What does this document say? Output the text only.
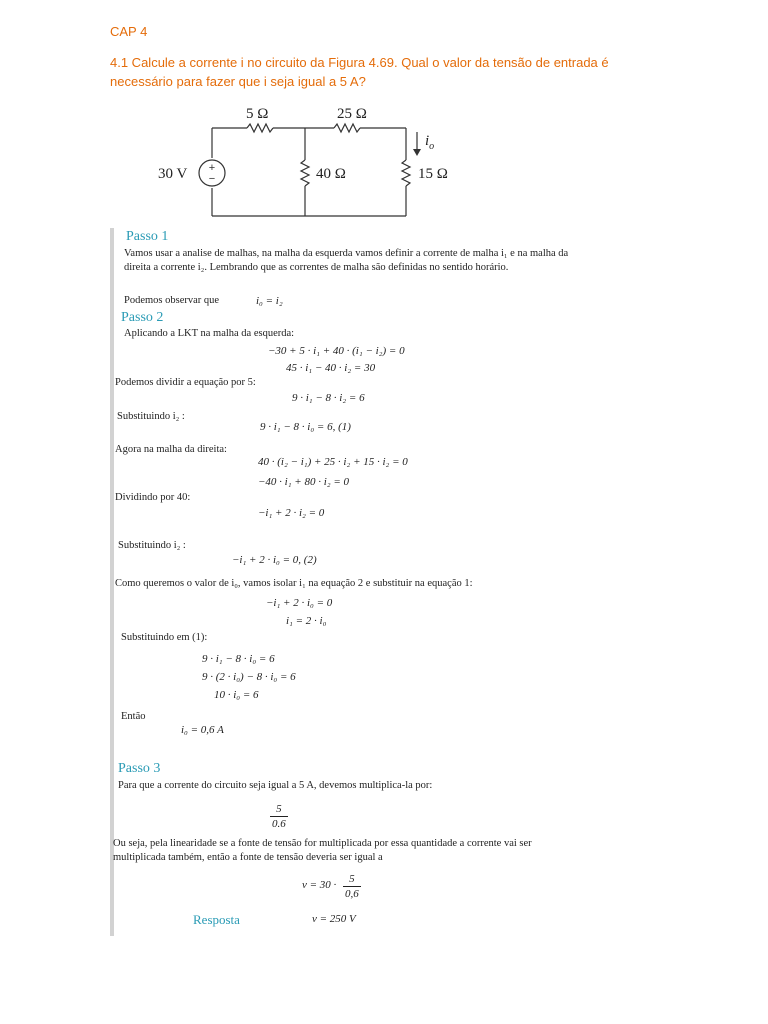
CAP 4
4.1 Calcule a corrente i no circuito da Figura 4.69. Qual o valor da tensão de entrada é
necessário para fazer que i seja igual a 5 A?
+
−
5 Ω	25 Ω
40 Ω	15 Ω
30 V
$i_o$
Passo 1
Vamos usar a analise de malhas, na malha da esquerda vamos definir a corrente de malha i₁ e na malha da
direita a corrente i₂. Lembrando que as correntes de malha são definidas no sentido horário.
Podemos observar que	i₀ = i₂
Passo 2
Aplicando a LKT na malha da esquerda:
−30 + 5 · i₁ + 40 · (i₁ − i₂) = 0
45 · i₁ − 40 · i₂ = 30
Podemos dividir a equação por 5:
9 · i₁ − 8 · i₂ = 6
Substituindo i₂ :
9 · i₁ − 8 · i₀ = 6, (1)
Agora na malha da direita:
40 · (i₂ − i₁) + 25 · i₂ + 15 · i₂ = 0
−40 · i₁ + 80 · i₂ = 0
Dividindo por 40:
−i₁ + 2 · i₂ = 0
Substituindo i₂ :
−i₁ + 2 · i₀ = 0, (2)
Como queremos o valor de i₀, vamos isolar i₁ na equação 2 e substituir na equação 1:
−i₁ + 2 · i₀ = 0
i₁ = 2 · i₀
Substituindo em (1):
9 · i₁ − 8 · i₀ = 6
9 · (2 · i₀) − 8 · i₀ = 6
10 · i₀ = 6
Então
i₀ = 0,6 A
Passo 3
Para que a corrente do circuito seja igual a 5 A, devemos multiplica-la por:
$\frac{5}{0.6}$
Ou seja, pela linearidade se a fonte de tensão for multiplicada por essa quantidade a corrente vai ser
multiplicada também, então a fonte de tensão deveria ser igual a
$v = 30 \cdot \frac{5}{0,6}$
Resposta	v = 250 V
